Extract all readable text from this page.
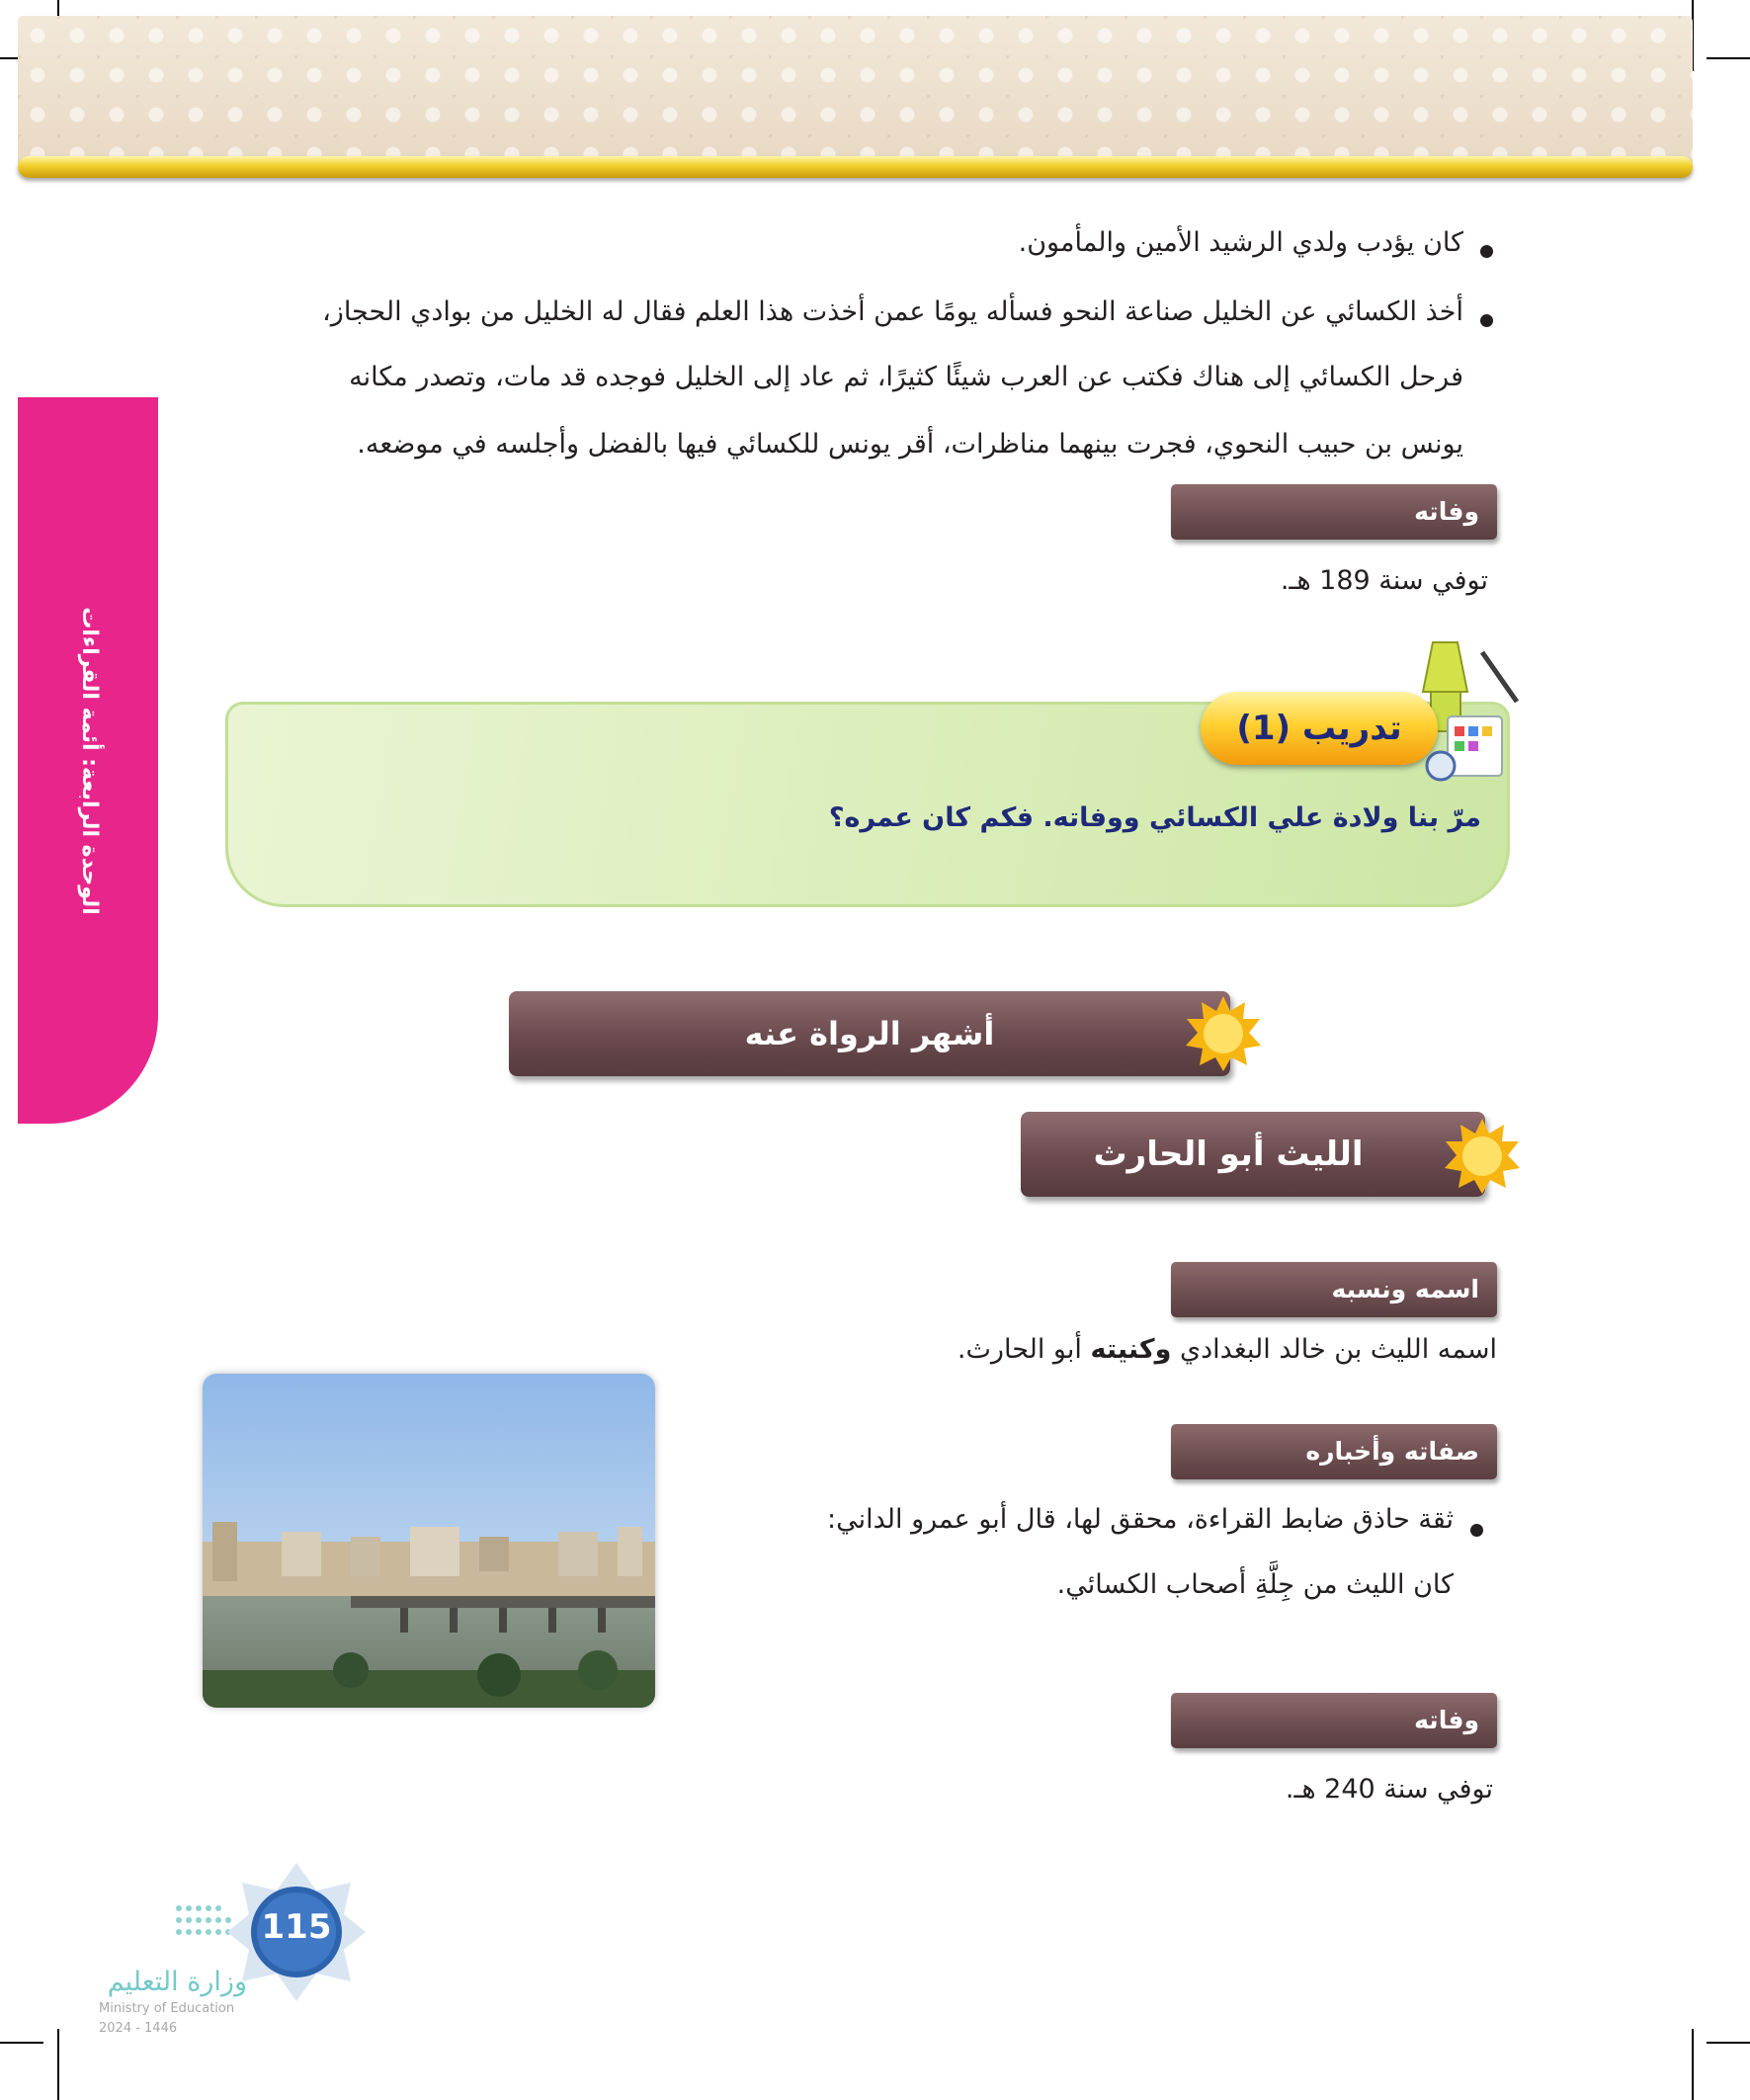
الوحدة الرابعة: أئمة القراءات
كان يؤدب ولدي الرشيد الأمين والمأمون.
أخذ الكسائي عن الخليل صناعة النحو فسأله يومًا عمن أخذت هذا العلم فقال له الخليل من بوادي الحجاز،
فرحل الكسائي إلى هناك فكتب عن العرب شيئًا كثيرًا، ثم عاد إلى الخليل فوجده قد مات، وتصدر مكانه
يونس بن حبيب النحوي، فجرت بينهما مناظرات، أقر يونس للكسائي فيها بالفضل وأجلسه في موضعه.
وفاته
توفي سنة 189 هـ.
تدريب (1)
مرّ بنا ولادة علي الكسائي ووفاته. فكم كان عمره؟
أشهر الرواة عنه
الليث أبو الحارث
اسمه ونسبه
اسمه الليث بن خالد البغدادي وكنيته أبو الحارث.
صفاته وأخباره
ثقة حاذق ضابط القراءة، محقق لها، قال أبو عمرو الداني:
كان الليث من جِلَّةِ أصحاب الكسائي.
وفاته
توفي سنة 240 هـ.
115
وزارة التعليم
Ministry of Education
2024 - 1446
